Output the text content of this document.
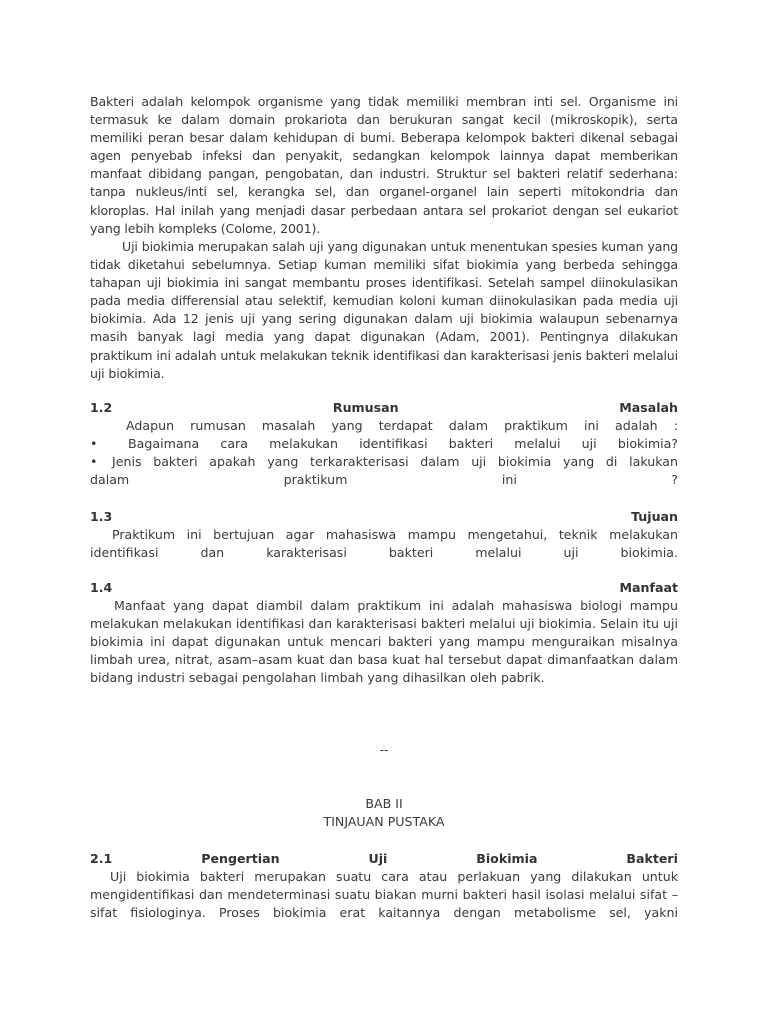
Bakteri adalah kelompok organisme yang tidak memiliki membran inti sel. Organisme ini termasuk ke dalam domain prokariota dan berukuran sangat kecil (mikroskopik), serta memiliki peran besar dalam kehidupan di bumi. Beberapa kelompok bakteri dikenal sebagai agen penyebab infeksi dan penyakit, sedangkan kelompok lainnya dapat memberikan manfaat dibidang pangan, pengobatan, dan industri. Struktur sel bakteri relatif sederhana: tanpa nukleus/inti sel, kerangka sel, dan organel-organel lain seperti mitokondria dan kloroplas. Hal inilah yang menjadi dasar perbedaan antara sel prokariot dengan sel eukariot yang lebih kompleks (Colome, 2001).
Uji biokimia merupakan salah uji yang digunakan untuk menentukan spesies kuman yang tidak diketahui sebelumnya. Setiap kuman memiliki sifat biokimia yang berbeda sehingga tahapan uji biokimia ini sangat membantu proses identifikasi. Setelah sampel diinokulasikan pada media differensial atau selektif, kemudian koloni kuman diinokulasikan pada media uji biokimia. Ada 12 jenis uji yang sering digunakan dalam uji biokimia walaupun sebenarnya masih banyak lagi media yang dapat digunakan (Adam, 2001). Pentingnya dilakukan praktikum ini adalah untuk melakukan teknik identifikasi dan karakterisasi jenis bakteri melalui uji biokimia.
1.2	Rumusan	Masalah
Adapun rumusan masalah yang terdapat dalam praktikum ini adalah :
•	Bagaimana cara melakukan identifikasi bakteri melalui uji biokimia?
•	Jenis bakteri apakah yang terkarakterisasi dalam uji biokimia yang di lakukan
dalam	praktikum	ini	?
1.3	Tujuan
Praktikum ini bertujuan agar mahasiswa mampu mengetahui, teknik melakukan
identifikasi	dan	karakterisasi	bakteri	melalui	uji	biokimia.
1.4	Manfaat
Manfaat yang dapat diambil dalam praktikum ini adalah mahasiswa biologi mampu melakukan melakukan identifikasi dan karakterisasi bakteri melalui uji biokimia. Selain itu uji biokimia ini dapat digunakan untuk mencari bakteri yang mampu menguraikan misalnya limbah urea, nitrat, asam–asam kuat dan basa kuat hal tersebut dapat dimanfaatkan dalam bidang industri sebagai pengolahan limbah yang dihasilkan oleh pabrik.
--
BAB II
TINJAUAN PUSTAKA
2.1	Pengertian	Uji	Biokimia	Bakteri
Uji biokimia bakteri merupakan suatu cara atau perlakuan yang dilakukan untuk mengidentifikasi dan mendeterminasi suatu biakan murni bakteri hasil isolasi melalui sifat – sifat fisiologinya. Proses biokimia erat kaitannya dengan metabolisme sel, yakni
